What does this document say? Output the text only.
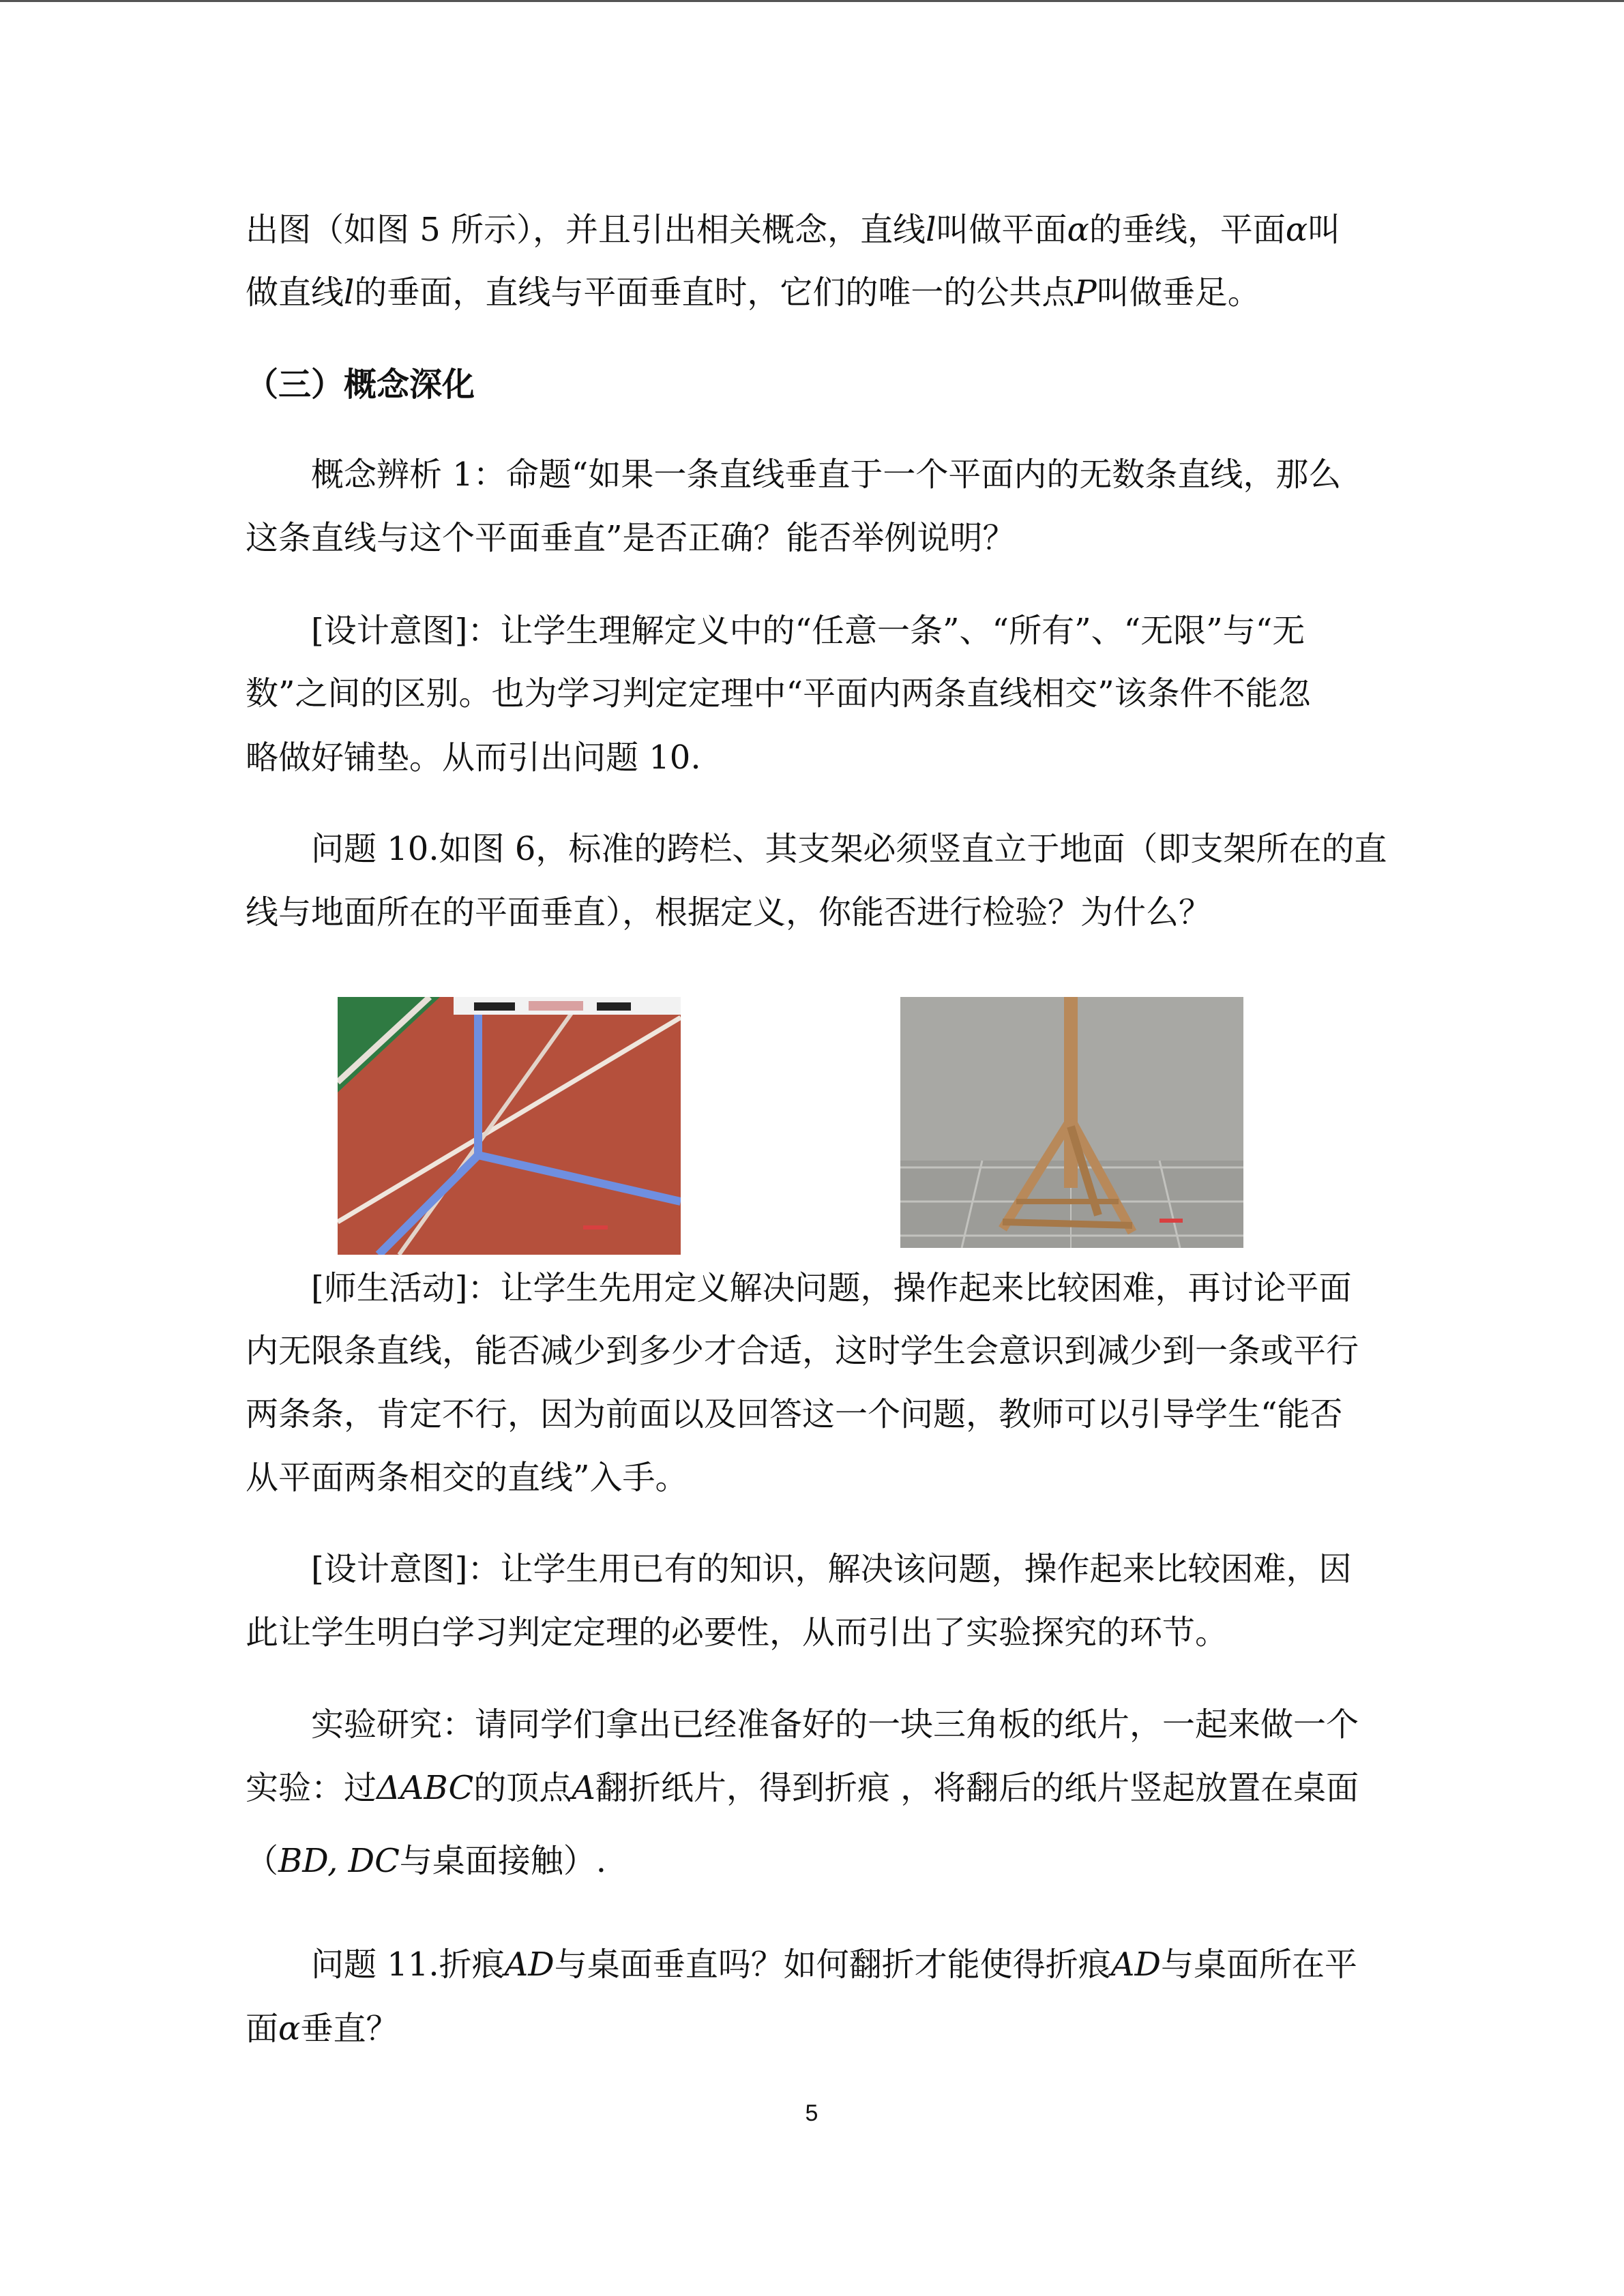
出图（如图 5 所示），并且引出相关概念，直线l叫做平面α的垂线，平面α叫
做直线l的垂面，直线与平面垂直时，它们的唯一的公共点P叫做垂足。
（三）概念深化
概念辨析 1：命题“如果一条直线垂直于一个平面内的无数条直线，那么
这条直线与这个平面垂直”是否正确？能否举例说明？
[设计意图]：让学生理解定义中的“任意一条”、“所有”、“无限”与“无
数”之间的区别。也为学习判定定理中“平面内两条直线相交”该条件不能忽
略做好铺垫。从而引出问题 10.
问题 10.如图 6，标准的跨栏、其支架必须竖直立于地面（即支架所在的直
线与地面所在的平面垂直），根据定义，你能否进行检验？为什么？
[师生活动]：让学生先用定义解决问题，操作起来比较困难，再讨论平面
内无限条直线，能否减少到多少才合适，这时学生会意识到减少到一条或平行
两条条，肯定不行，因为前面以及回答这一个问题，教师可以引导学生“能否
从平面两条相交的直线”入手。
[设计意图]：让学生用已有的知识，解决该问题，操作起来比较困难，因
此让学生明白学习判定定理的必要性，从而引出了实验探究的环节。
实验研究：请同学们拿出已经准备好的一块三角板的纸片，一起来做一个
实验：过ΔABC的顶点A翻折纸片，得到折痕 ，将翻后的纸片竖起放置在桌面
（BD, DC与桌面接触）.
问题 11.折痕AD与桌面垂直吗？如何翻折才能使得折痕AD与桌面所在平
面α垂直？
5
